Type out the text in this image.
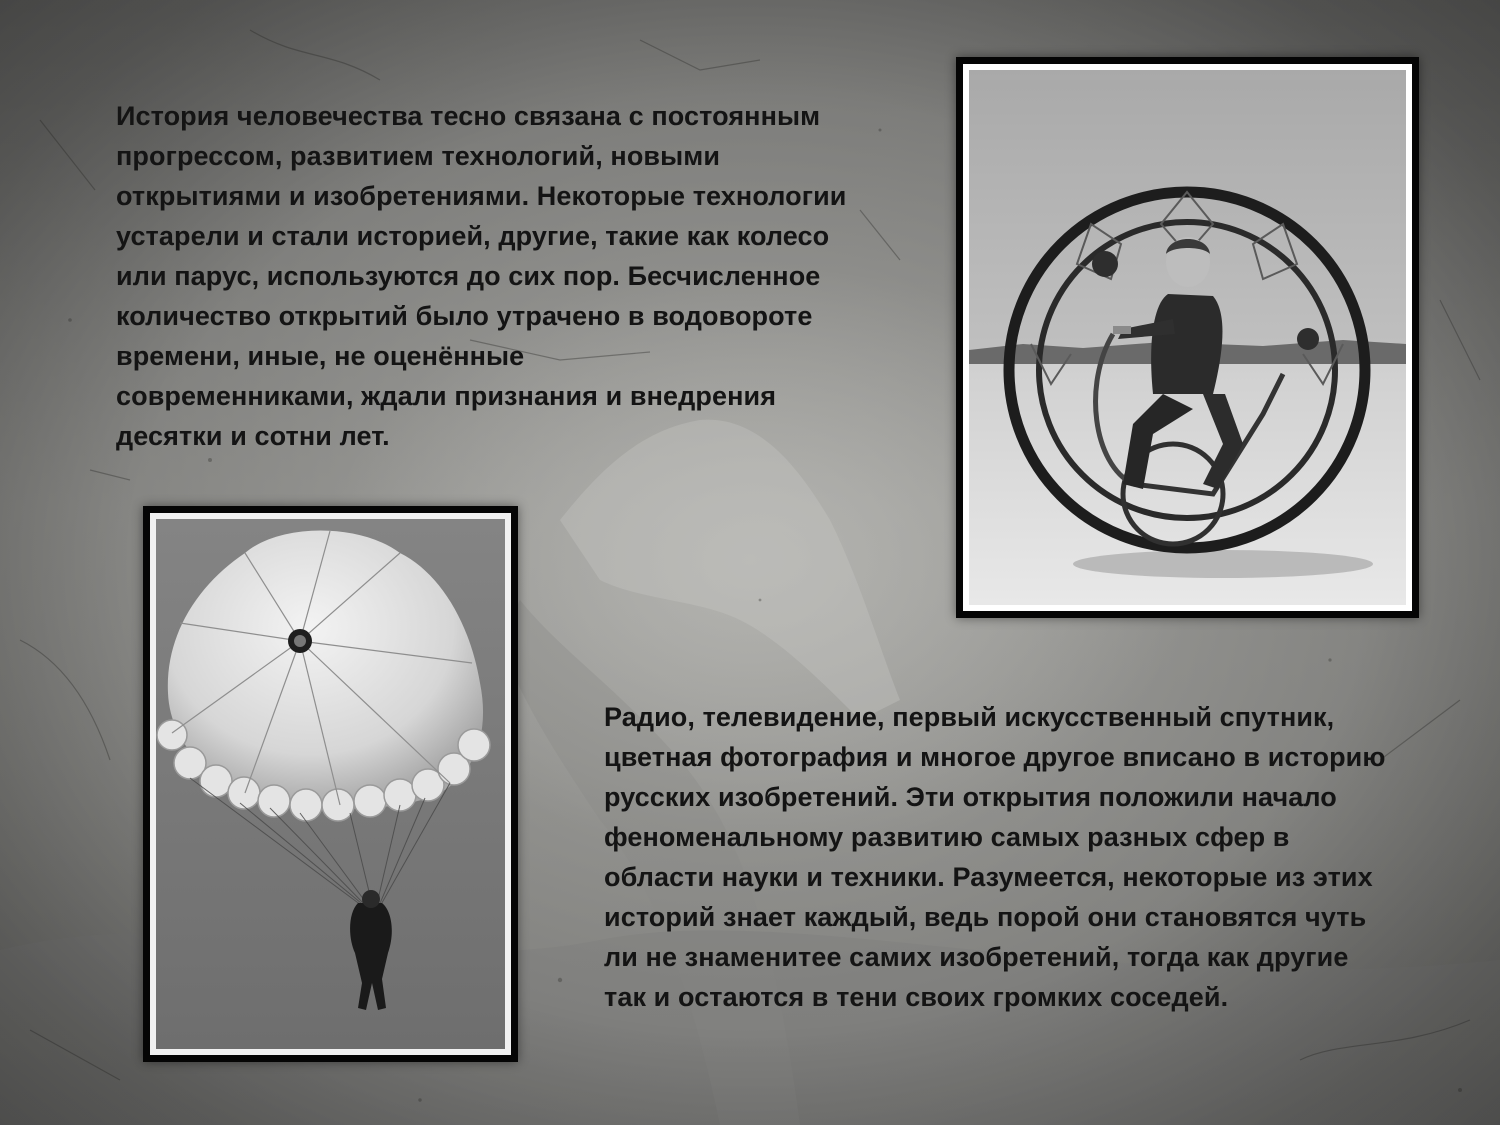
История человечества тесно связана с постоянным
прогрессом, развитием технологий, новыми
открытиями и изобретениями. Некоторые технологии
устарели и стали историей, другие, такие как колесо
или парус, используются до сих пор. Бесчисленное
количество открытий было утрачено в водовороте
времени, иные, не оценённые
современниками, ждали признания и внедрения
десятки и сотни лет.

Радио, телевидение, первый искусственный спутник,
цветная фотография и многое другое вписано в историю
русских изобретений. Эти открытия положили начало
феноменальному развитию самых разных сфер в
области науки и техники. Разумеется, некоторые из этих
историй знает каждый, ведь порой они становятся чуть
ли не знаменитее самих изобретений, тогда как другие
так и остаются в тени своих громких соседей.
